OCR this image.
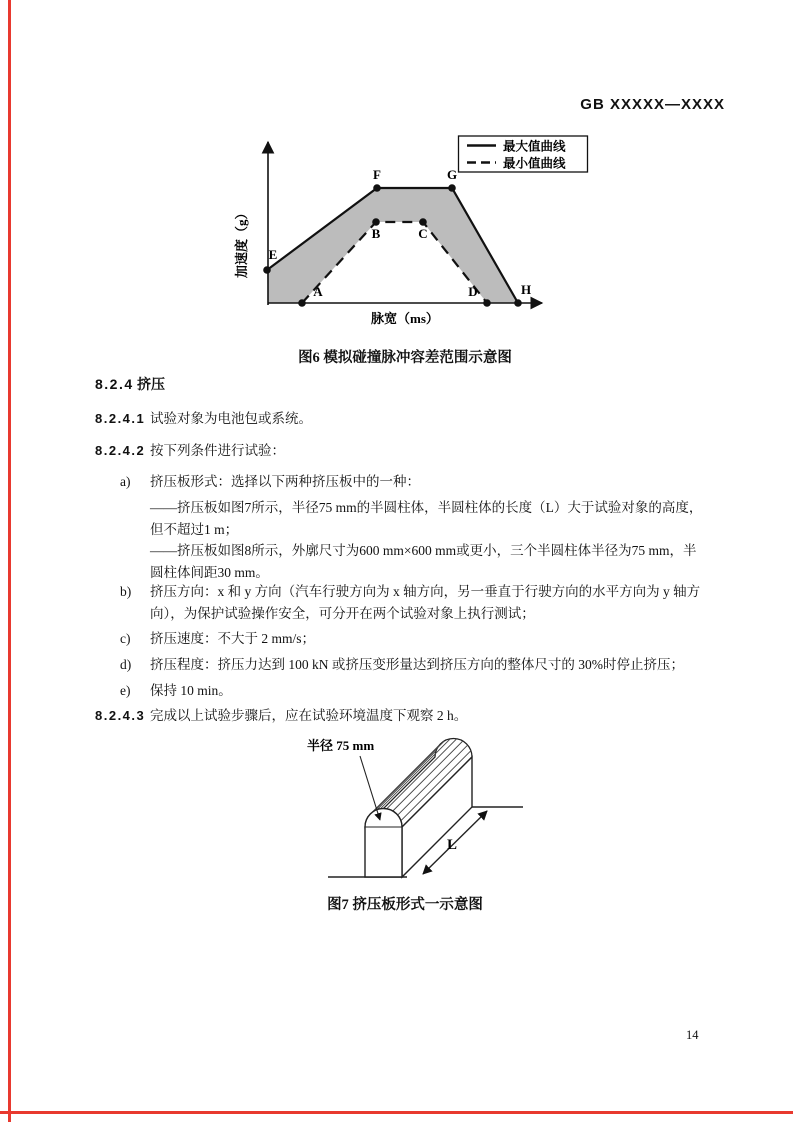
GB XXXXX—XXXX
E
F	G
H
A
B	C
D
加速度（g）
脉宽（ms）
最大值曲线
最小值曲线
图6 模拟碰撞脉冲容差范围示意图
8.2.4 挤压
8.2.4.1 试验对象为电池包或系统。
8.2.4.2 按下列条件进行试验：
a)	挤压板形式：选择以下两种挤压板中的一种：
——挤压板如图7所示，半径75 mm的半圆柱体，半圆柱体的长度（L）大于试验对象的高度，
但不超过1 m；
——挤压板如图8所示，外廓尺寸为600 mm×600 mm或更小，三个半圆柱体半径为75 mm，半
圆柱体间距30 mm。
b)	挤压方向：x 和 y 方向（汽车行驶方向为 x 轴方向，另一垂直于行驶方向的水平方向为 y 轴方
向），为保护试验操作安全，可分开在两个试验对象上执行测试；
c)	挤压速度：不大于 2 mm/s；
d)	挤压程度：挤压力达到 100 kN 或挤压变形量达到挤压方向的整体尺寸的 30%时停止挤压；
e)	保持 10 min。
8.2.4.3 完成以上试验步骤后，应在试验环境温度下观察 2 h。
半径 75 mm
L
图7 挤压板形式一示意图
14
